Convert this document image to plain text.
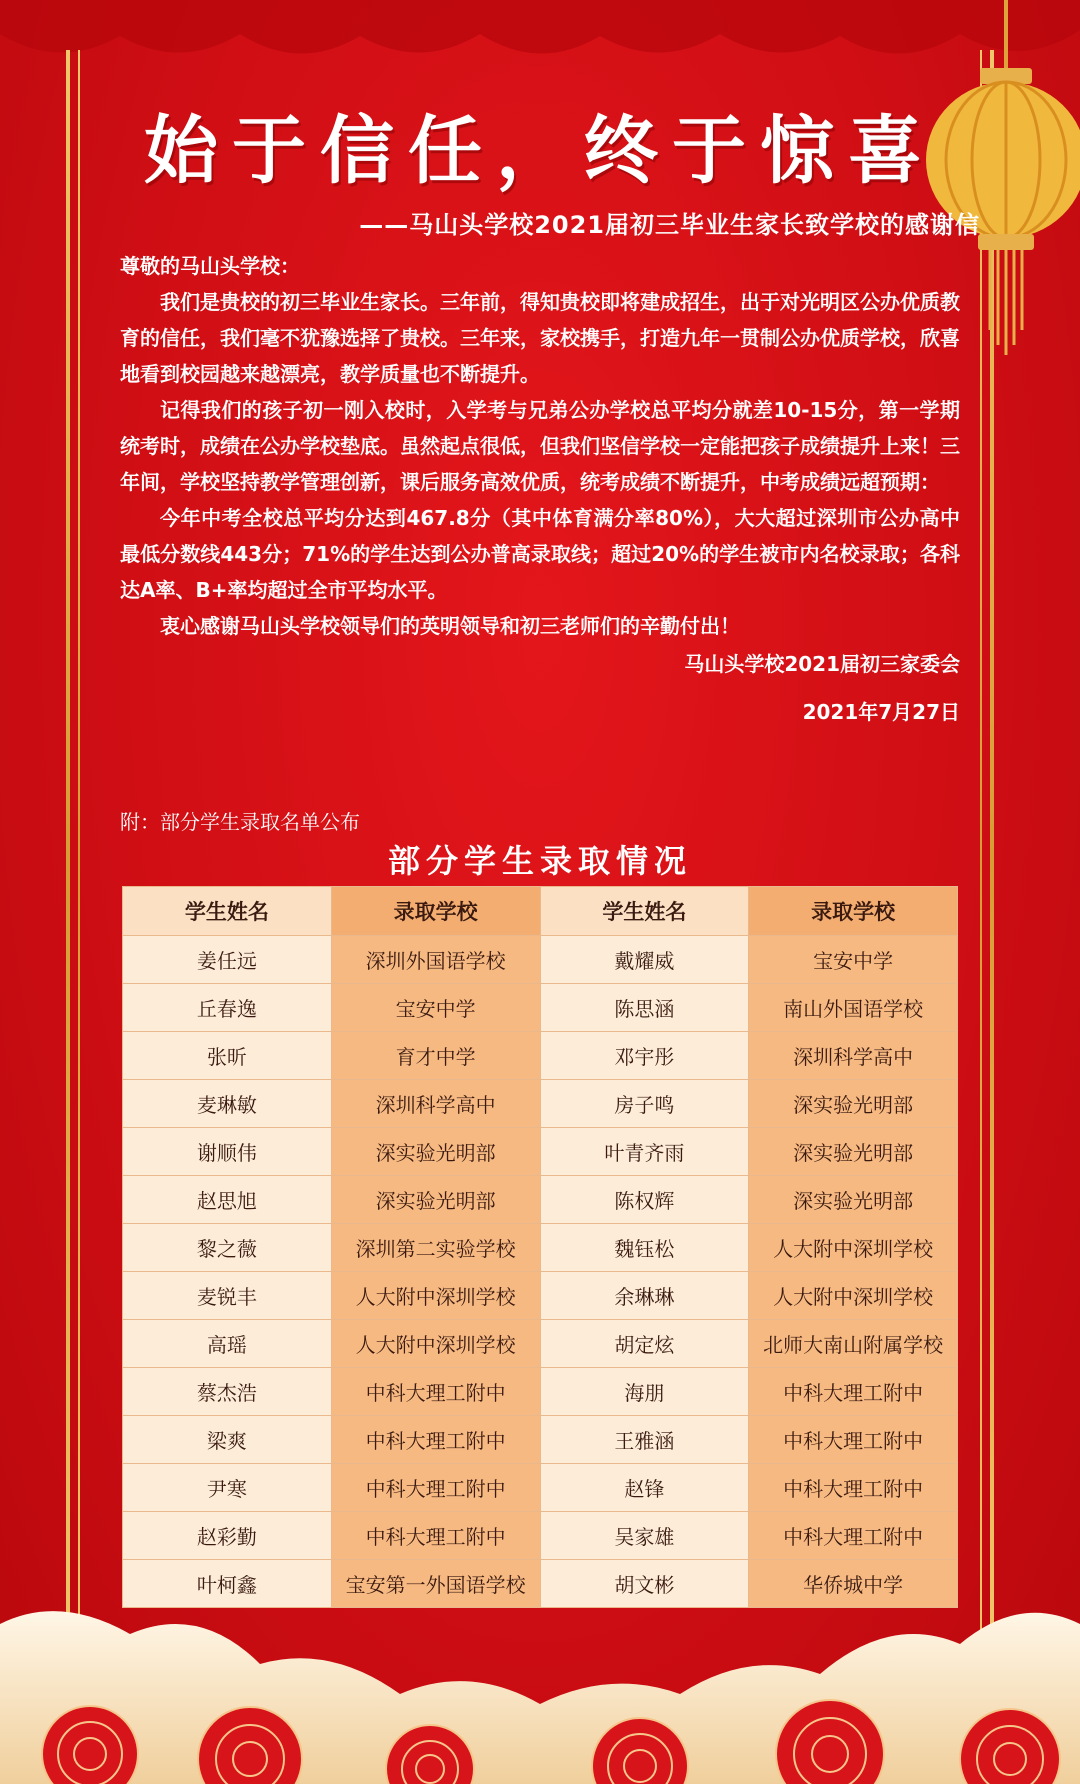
始于信任，终于惊喜
——马山头学校2021届初三毕业生家长致学校的感谢信

尊敬的马山头学校：

我们是贵校的初三毕业生家长。三年前，得知贵校即将建成招生，出于对光明区公办优质教育的信任，我们毫不犹豫选择了贵校。三年来，家校携手，打造九年一贯制公办优质学校，欣喜地看到校园越来越漂亮，教学质量也不断提升。

记得我们的孩子初一刚入校时，入学考与兄弟公办学校总平均分就差10-15分，第一学期统考时，成绩在公办学校垫底。虽然起点很低，但我们坚信学校一定能把孩子成绩提升上来！三年间，学校坚持教学管理创新，课后服务高效优质，统考成绩不断提升，中考成绩远超预期：

今年中考全校总平均分达到467.8分（其中体育满分率80%），大大超过深圳市公办高中最低分数线443分；71%的学生达到公办普高录取线；超过20%的学生被市内名校录取；各科达A率、B+率均超过全市平均水平。

衷心感谢马山头学校领导们的英明领导和初三老师们的辛勤付出！

马山头学校2021届初三家委会

2021年7月27日

附：部分学生录取名单公布
部分学生录取情况
学生姓名	录取学校	学生姓名	录取学校
姜任远	深圳外国语学校	戴耀威	宝安中学
丘春逸	宝安中学	陈思涵	南山外国语学校
张昕	育才中学	邓宇彤	深圳科学高中
麦琳敏	深圳科学高中	房子鸣	深实验光明部
谢顺伟	深实验光明部	叶青齐雨	深实验光明部
赵思旭	深实验光明部	陈权辉	深实验光明部
黎之薇	深圳第二实验学校	魏钰松	人大附中深圳学校
麦锐丰	人大附中深圳学校	余琳琳	人大附中深圳学校
高瑶	人大附中深圳学校	胡定炫	北师大南山附属学校
蔡杰浩	中科大理工附中	海朋	中科大理工附中
梁爽	中科大理工附中	王雅涵	中科大理工附中
尹寒	中科大理工附中	赵锋	中科大理工附中
赵彩勤	中科大理工附中	吴家雄	中科大理工附中
叶柯鑫	宝安第一外国语学校	胡文彬	华侨城中学
